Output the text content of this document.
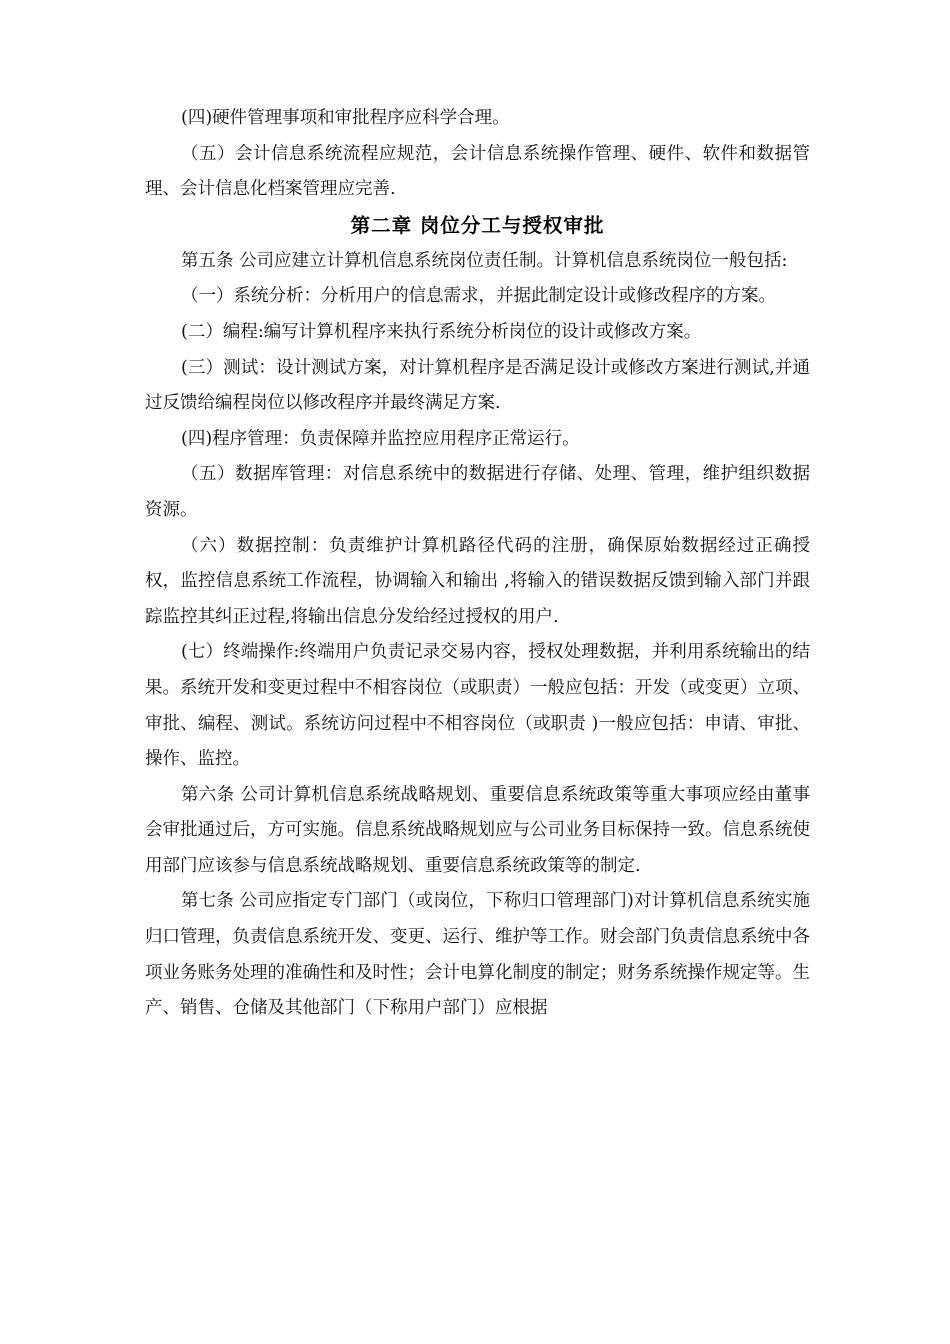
(四)硬件管理事项和审批程序应科学合理。

（五）会计信息系统流程应规范，会计信息系统操作管理、硬件、软件和数据管理、会计信息化档案管理应完善.

第二章 岗位分工与授权审批

第五条 公司应建立计算机信息系统岗位责任制。计算机信息系统岗位一般包括:

（一）系统分析：分析用户的信息需求，并据此制定设计或修改程序的方案。

(二）编程:编写计算机程序来执行系统分析岗位的设计或修改方案。

(三）测试：设计测试方案，对计算机程序是否满足设计或修改方案进行测试,并通过反馈给编程岗位以修改程序并最终满足方案.

(四)程序管理：负责保障并监控应用程序正常运行。

（五）数据库管理：对信息系统中的数据进行存储、处理、管理，维护组织数据资源。

（六）数据控制：负责维护计算机路径代码的注册，确保原始数据经过正确授权，监控信息系统工作流程，协调输入和输出 ,将输入的错误数据反馈到输入部门并跟踪监控其纠正过程,将输出信息分发给经过授权的用户.

(七）终端操作:终端用户负责记录交易内容，授权处理数据，并利用系统输出的结果。系统开发和变更过程中不相容岗位（或职责）一般应包括：开发（或变更）立项、审批、编程、测试。系统访问过程中不相容岗位（或职责 )一般应包括：申请、审批、操作、监控。

第六条 公司计算机信息系统战略规划、重要信息系统政策等重大事项应经由董事会审批通过后，方可实施。信息系统战略规划应与公司业务目标保持一致。信息系统使用部门应该参与信息系统战略规划、重要信息系统政策等的制定.

第七条 公司应指定专门部门（或岗位，下称归口管理部门)对计算机信息系统实施归口管理，负责信息系统开发、变更、运行、维护等工作。财会部门负责信息系统中各项业务账务处理的准确性和及时性；会计电算化制度的制定；财务系统操作规定等。生产、销售、仓储及其他部门（下称用户部门）应根据
